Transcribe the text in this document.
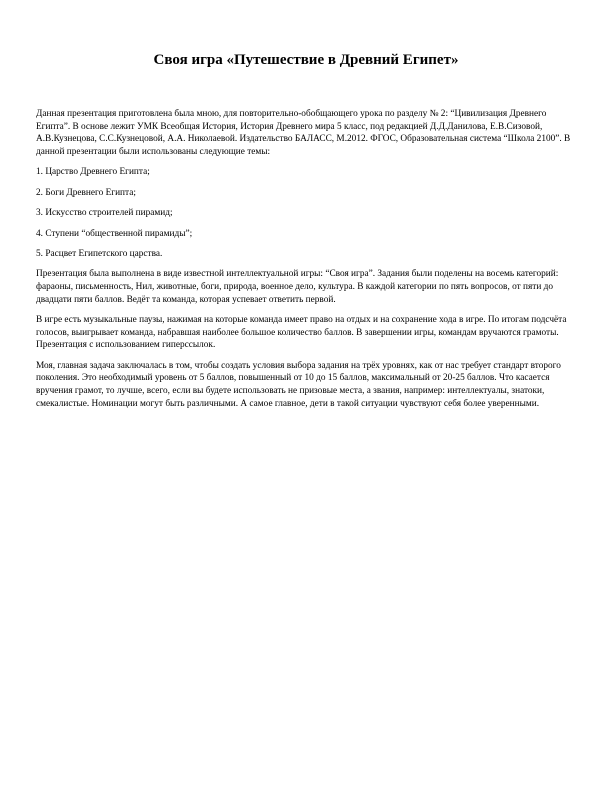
Своя игра «Путешествие в Древний Египет»

Данная презентация приготовлена была мною, для повторительно-обобщающего урока по разделу № 2: “Цивилизация Древнего Египта”. В основе лежит УМК Всеобщая История, История Древнего мира 5 класс, под редакцией Д.Д.Данилова, Е.В.Сизовой, А.В.Кузнецова, С.С.Кузнецовой, А.А. Николаевой. Издательство БАЛАСС, М.2012. ФГОС, Образовательная система “Школа 2100”. В данной презентации были использованы следующие темы:

1. Царство Древнего Египта;
2. Боги Древнего Египта;
3. Искусство строителей пирамид;
4. Ступени “общественной пирамиды”;
5. Расцвет Египетского царства.

Презентация была выполнена в виде известной интеллектуальной игры: “Своя игра”. Задания были поделены на восемь категорий: фараоны, письменность, Нил, животные, боги, природа, военное дело, культура. В каждой категории по пять вопросов, от пяти до двадцати пяти баллов. Ведёт та команда, которая успевает ответить первой.

В игре есть музыкальные паузы, нажимая на которые команда имеет право на отдых и на сохранение хода в игре. По итогам подсчёта голосов, выигрывает команда, набравшая наиболее большое количество баллов. В завершении игры, командам вручаются грамоты. Презентация с использованием гиперссылок.

Моя, главная задача заключалась в том, чтобы создать условия выбора задания на трёх уровнях, как от нас требует стандарт второго поколения. Это необходимый уровень от 5 баллов, повышенный от 10 до 15 баллов, максимальный от 20-25 баллов. Что касается вручения грамот, то лучше, всего, если вы будете использовать не призовые места, а звания, например: интеллектуалы, знатоки, смекалистые. Номинации могут быть различными. А самое главное, дети в такой ситуации чувствуют себя более уверенными.
